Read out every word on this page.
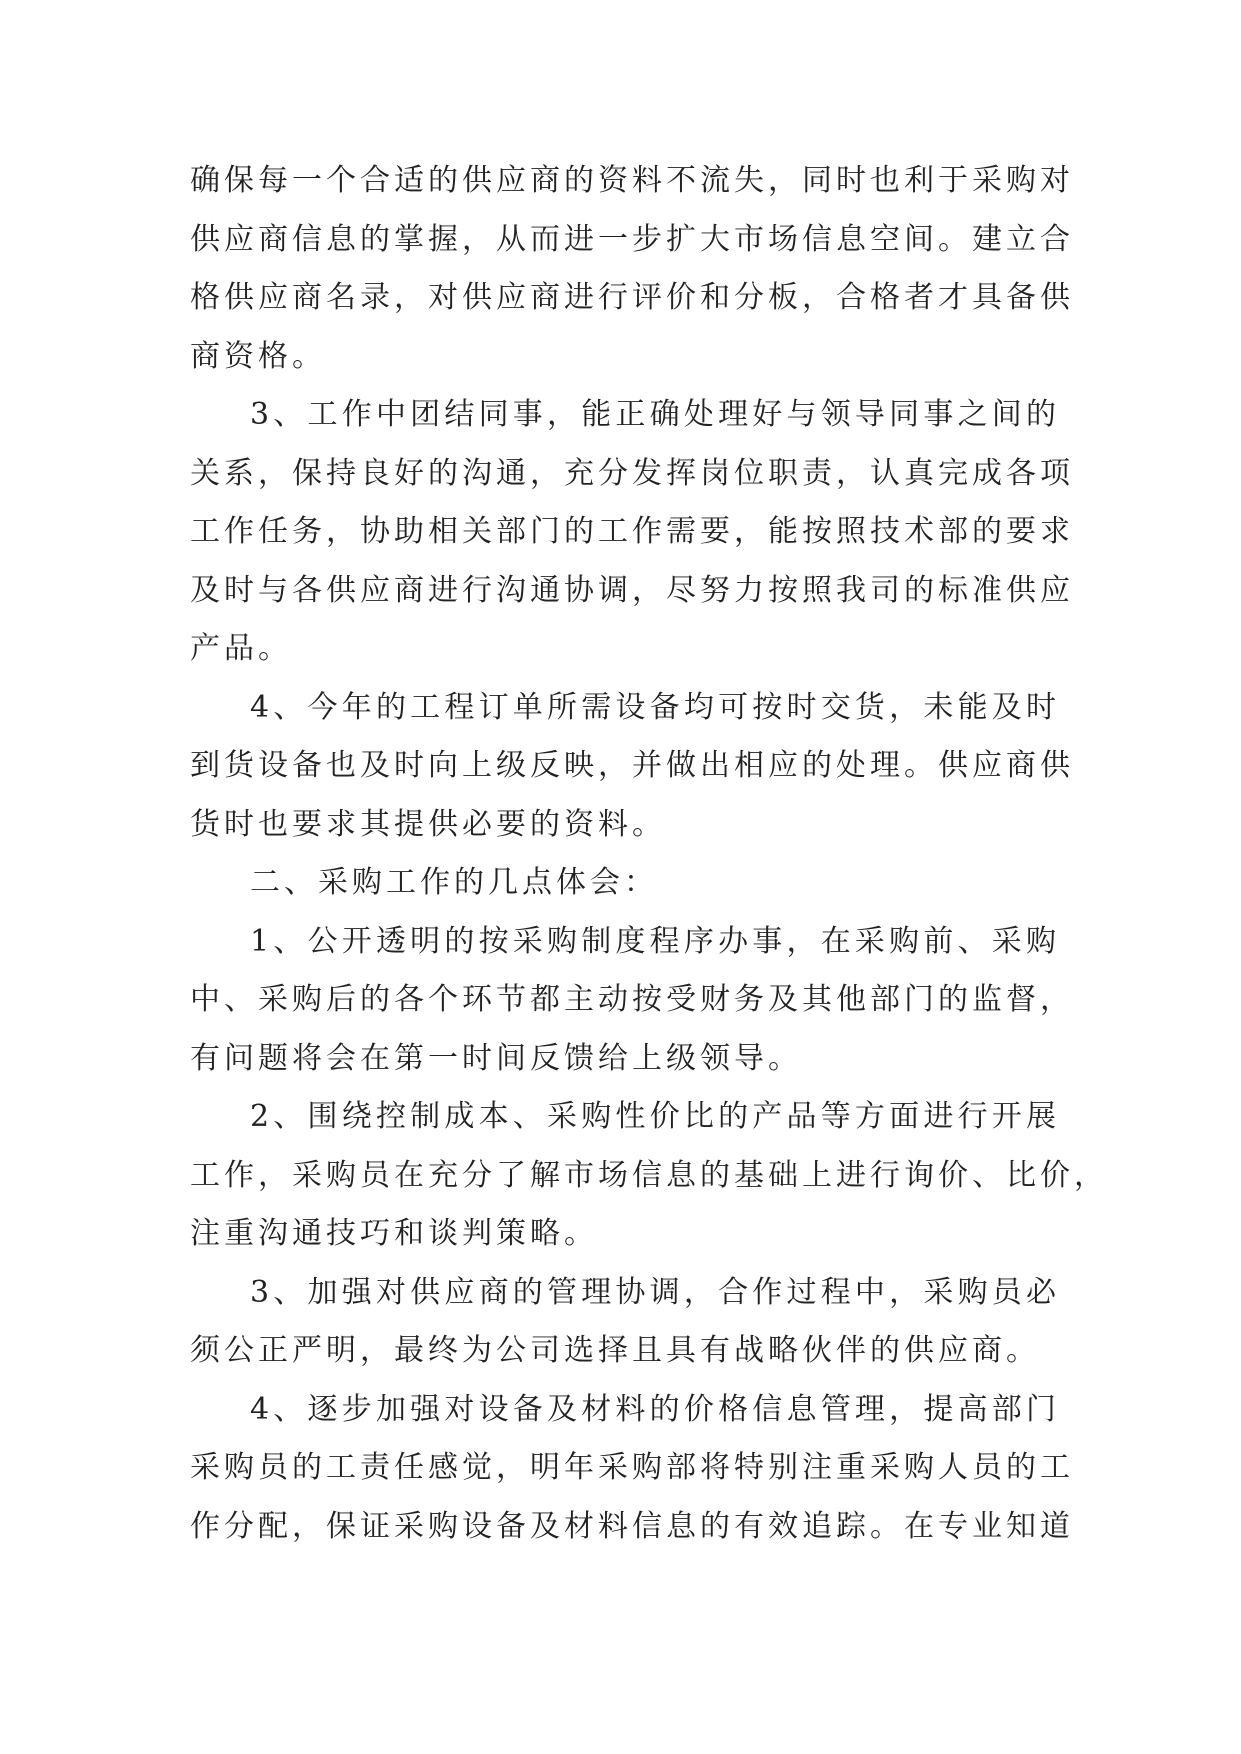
确保每一个合适的供应商的资料不流失，同时也利于采购对
供应商信息的掌握，从而进一步扩大市场信息空间。建立合
格供应商名录，对供应商进行评价和分板，合格者才具备供
商资格。
3、工作中团结同事，能正确处理好与领导同事之间的
关系，保持良好的沟通，充分发挥岗位职责，认真完成各项
工作任务，协助相关部门的工作需要，能按照技术部的要求
及时与各供应商进行沟通协调，尽努力按照我司的标准供应
产品。
4、今年的工程订单所需设备均可按时交货，未能及时
到货设备也及时向上级反映，并做出相应的处理。供应商供
货时也要求其提供必要的资料。
二、采购工作的几点体会：
1、公开透明的按采购制度程序办事，在采购前、采购
中、采购后的各个环节都主动按受财务及其他部门的监督，
有问题将会在第一时间反馈给上级领导。
2、围绕控制成本、采购性价比的产品等方面进行开展
工作，采购员在充分了解市场信息的基础上进行询价、比价，
注重沟通技巧和谈判策略。
3、加强对供应商的管理协调，合作过程中，采购员必
须公正严明，最终为公司选择且具有战略伙伴的供应商。
4、逐步加强对设备及材料的价格信息管理，提高部门
采购员的工责任感觉，明年采购部将特别注重采购人员的工
作分配，保证采购设备及材料信息的有效追踪。在专业知道
